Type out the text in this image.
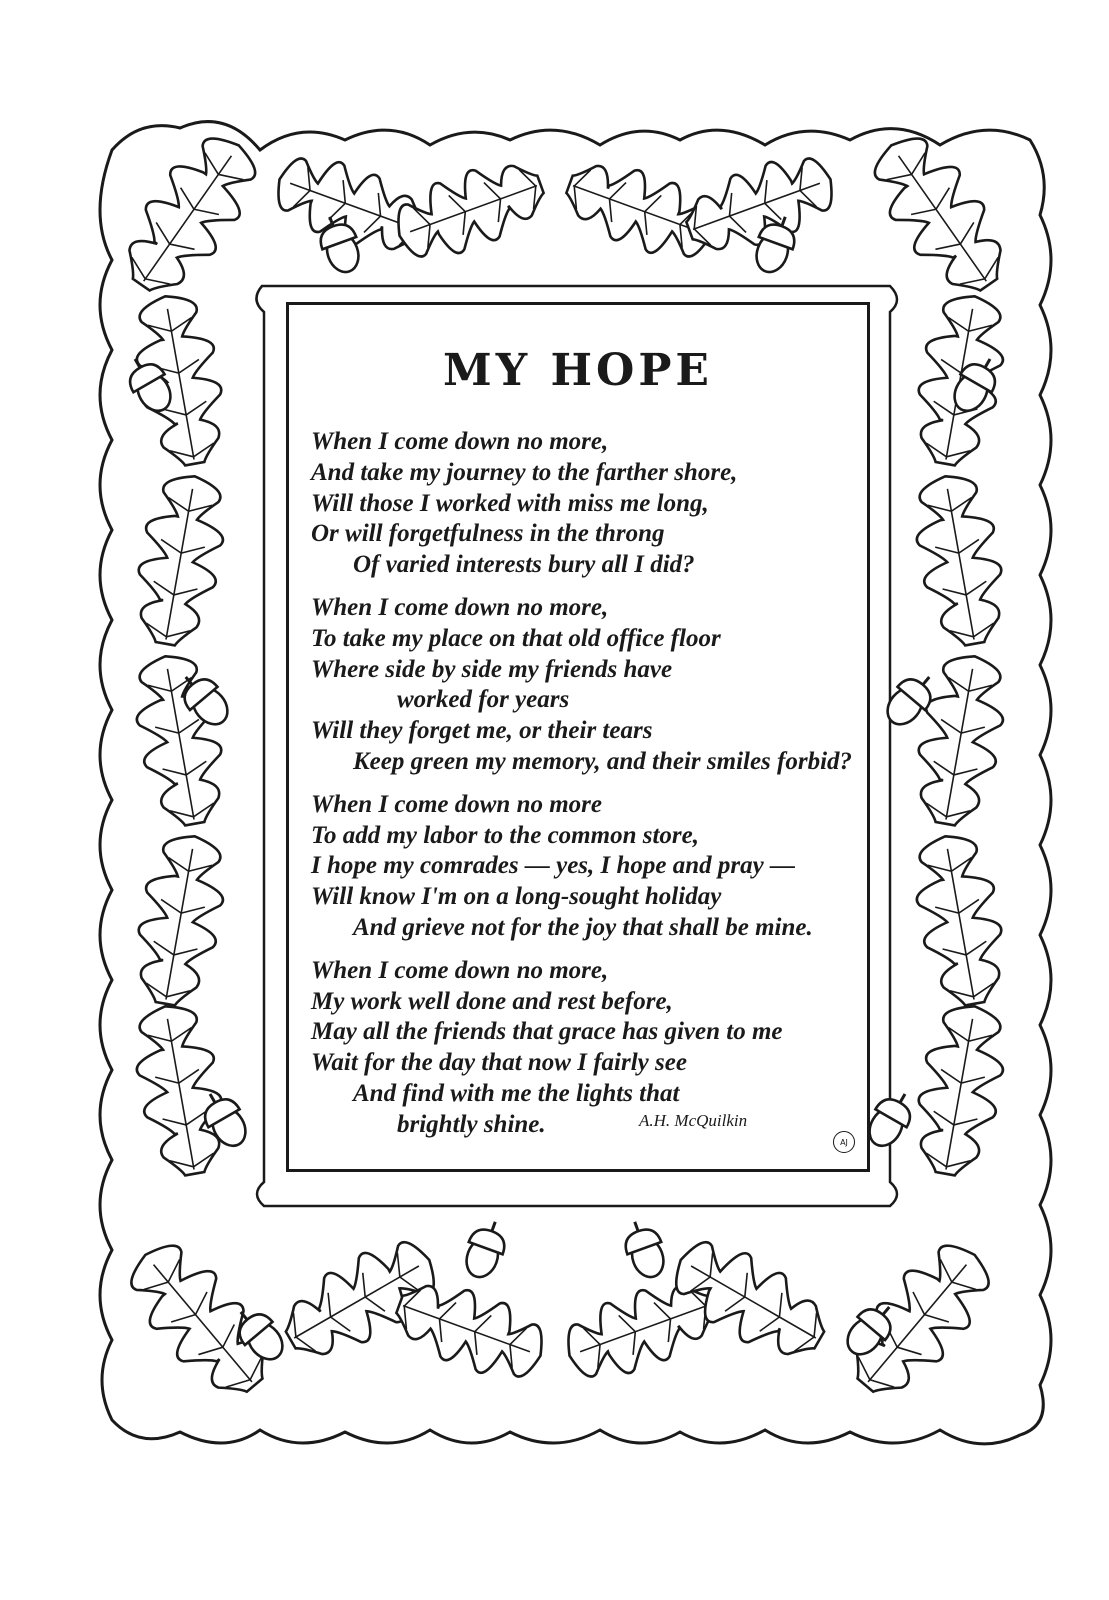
MY HOPE
When I come down no more,
And take my journey to the farther shore,
Will those I worked with miss me long,
Or will forgetfulness in the throng
Of varied interests bury all I did?
When I come down no more,
To take my place on that old office floor
Where side by side my friends have
worked for years
Will they forget me, or their tears
Keep green my memory, and their smiles forbid?
When I come down no more
To add my labor to the common store,
I hope my comrades — yes, I hope and pray —
Will know I'm on a long-sought holiday
And grieve not for the joy that shall be mine.
When I come down no more,
My work well done and rest before,
May all the friends that grace has given to me
Wait for the day that now I fairly see
And find with me the lights that
brightly shine.	A.H. McQuilkin
AJ
